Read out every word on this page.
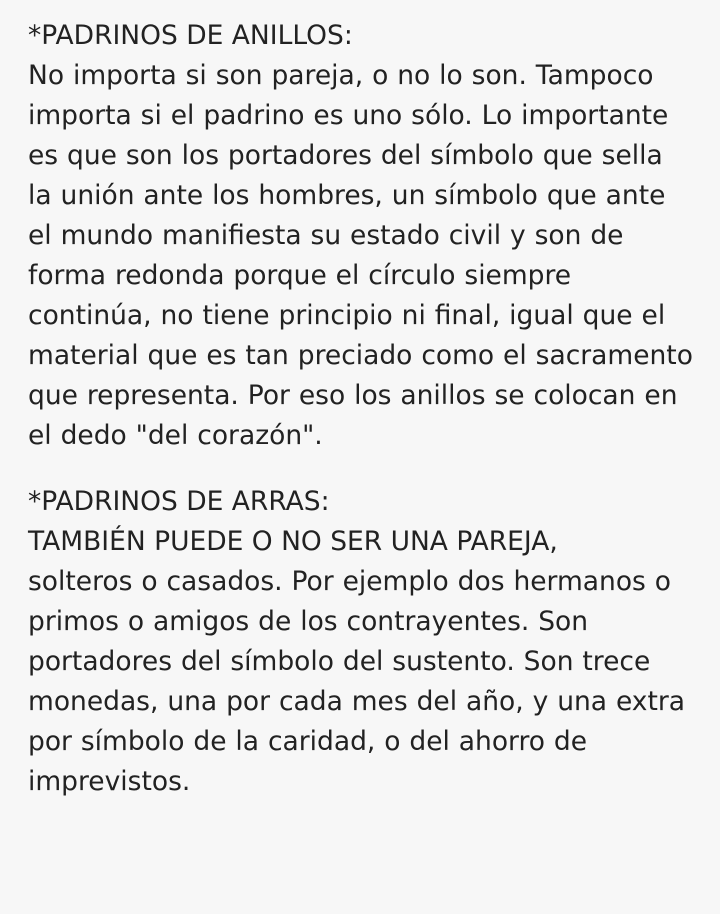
*PADRINOS DE ANILLOS:
No importa si son pareja, o no lo son. Tampoco importa si el padrino es uno sólo. Lo importante es que son los portadores del símbolo que sella la unión ante los hombres, un símbolo que ante el mundo manifiesta su estado civil y son de forma redonda porque el círculo siempre continúa, no tiene principio ni final, igual que el material que es tan preciado como el sacramento que representa. Por eso los anillos se colocan en el dedo "del corazón".
*PADRINOS DE ARRAS:
TAMBIÉN PUEDE O NO SER UNA PAREJA,
solteros o casados. Por ejemplo dos hermanos o primos o amigos de los contrayentes. Son portadores del símbolo del sustento. Son trece monedas, una por cada mes del año, y una extra por símbolo de la caridad, o del ahorro de imprevistos.
